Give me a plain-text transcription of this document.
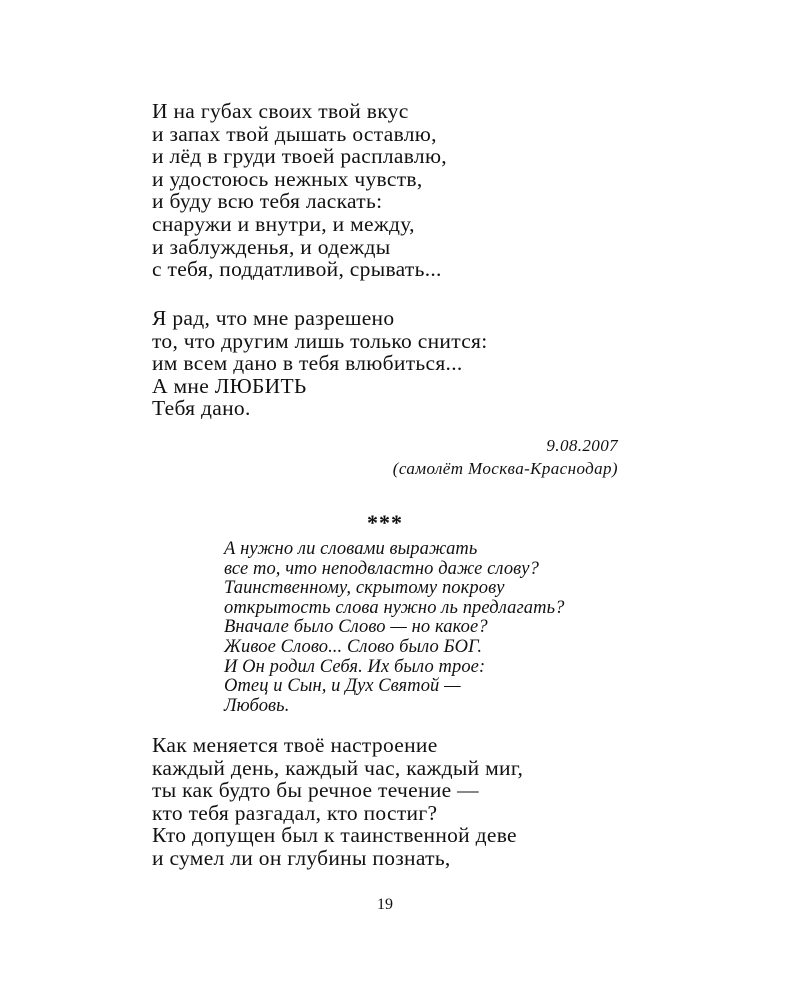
И на губах своих твой вкус
и запах твой дышать оставлю,
и лёд в груди твоей расплавлю,
и удостоюсь нежных чувств,
и буду всю тебя ласкать:
снаружи и внутри, и между,
и заблужденья, и одежды
с тебя, поддатливой, срывать...
Я рад, что мне разрешено
то, что другим лишь только снится:
им всем дано в тебя влюбиться...
А мне ЛЮБИТЬ
Тебя дано.
9.08.2007
(самолёт Москва-Краснодар)
***
А нужно ли словами выражать
все то, что неподвластно даже слову?
Таинственному, скрытому покрову
открытость слова нужно ль предлагать?
Вначале было Слово — но какое?
Живое Слово... Слово было БОГ.
И Он родил Себя. Их было трое:
Отец и Сын, и Дух Святой —
Любовь.
Как меняется твоё настроение
каждый день, каждый час, каждый миг,
ты как будто бы речное течение —
кто тебя разгадал, кто постиг?
Кто допущен был к таинственной деве
и сумел ли он глубины познать,
19
